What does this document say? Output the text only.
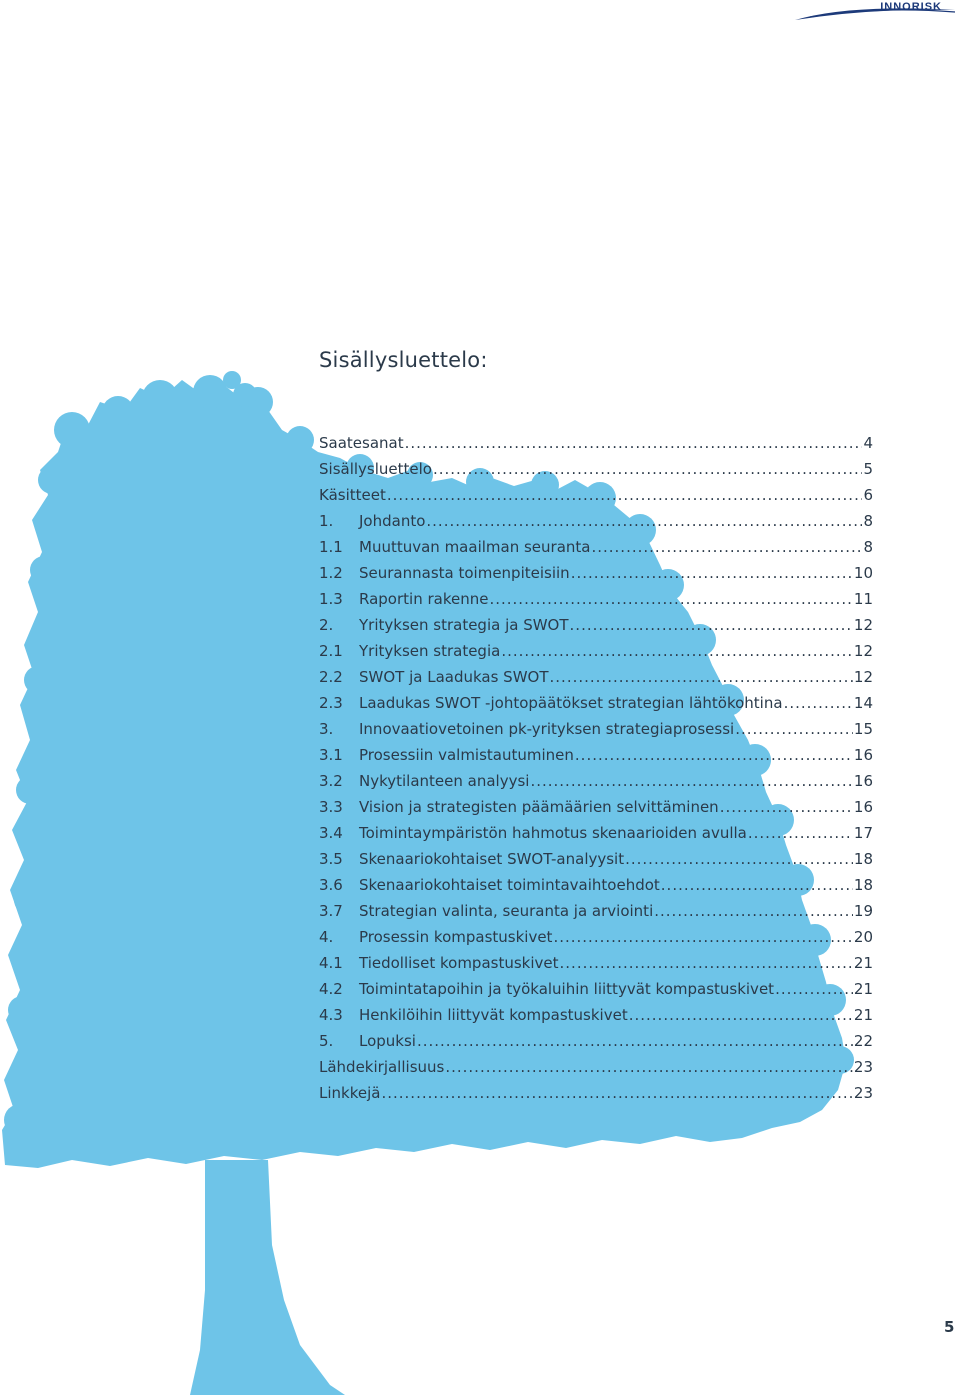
INNORISK
Sisällysluettelo:
Saatesanat .....	4
Sisällysluettelo .....	5
Käsitteet .....	6
1.	Johdanto .....	8
1.1	Muuttuvan maailman seuranta .....	8
1.2	Seurannasta toimenpiteisiin .....	10
1.3	Raportin rakenne .....	11
2.	Yrityksen strategia ja SWOT .....	12
2.1	Yrityksen strategia .....	12
2.2	SWOT ja Laadukas SWOT .....	12
2.3	Laadukas SWOT -johtopäätökset strategian lähtökohtina .....	14
3.	Innovaatiovetoinen pk-yrityksen strategiaprosessi .....	15
3.1	Prosessiin valmistautuminen .....	16
3.2	Nykytilanteen analyysi .....	16
3.3	Vision ja strategisten päämäärien selvittäminen .....	16
3.4	Toimintaympäristön hahmotus skenaarioiden avulla .....	17
3.5	Skenaariokohtaiset SWOT-analyysit .....	18
3.6	Skenaariokohtaiset toimintavaihtoehdot .....	18
3.7	Strategian valinta, seuranta ja arviointi .....	19
4.	Prosessin kompastuskivet .....	20
4.1	Tiedolliset kompastuskivet .....	21
4.2	Toimintatapoihin ja työkaluihin liittyvät kompastuskivet .....	21
4.3	Henkilöihin liittyvät kompastuskivet .....	21
5.	Lopuksi .....	22
Lähdekirjallisuus .....	23
Linkkejä .....	23
5
